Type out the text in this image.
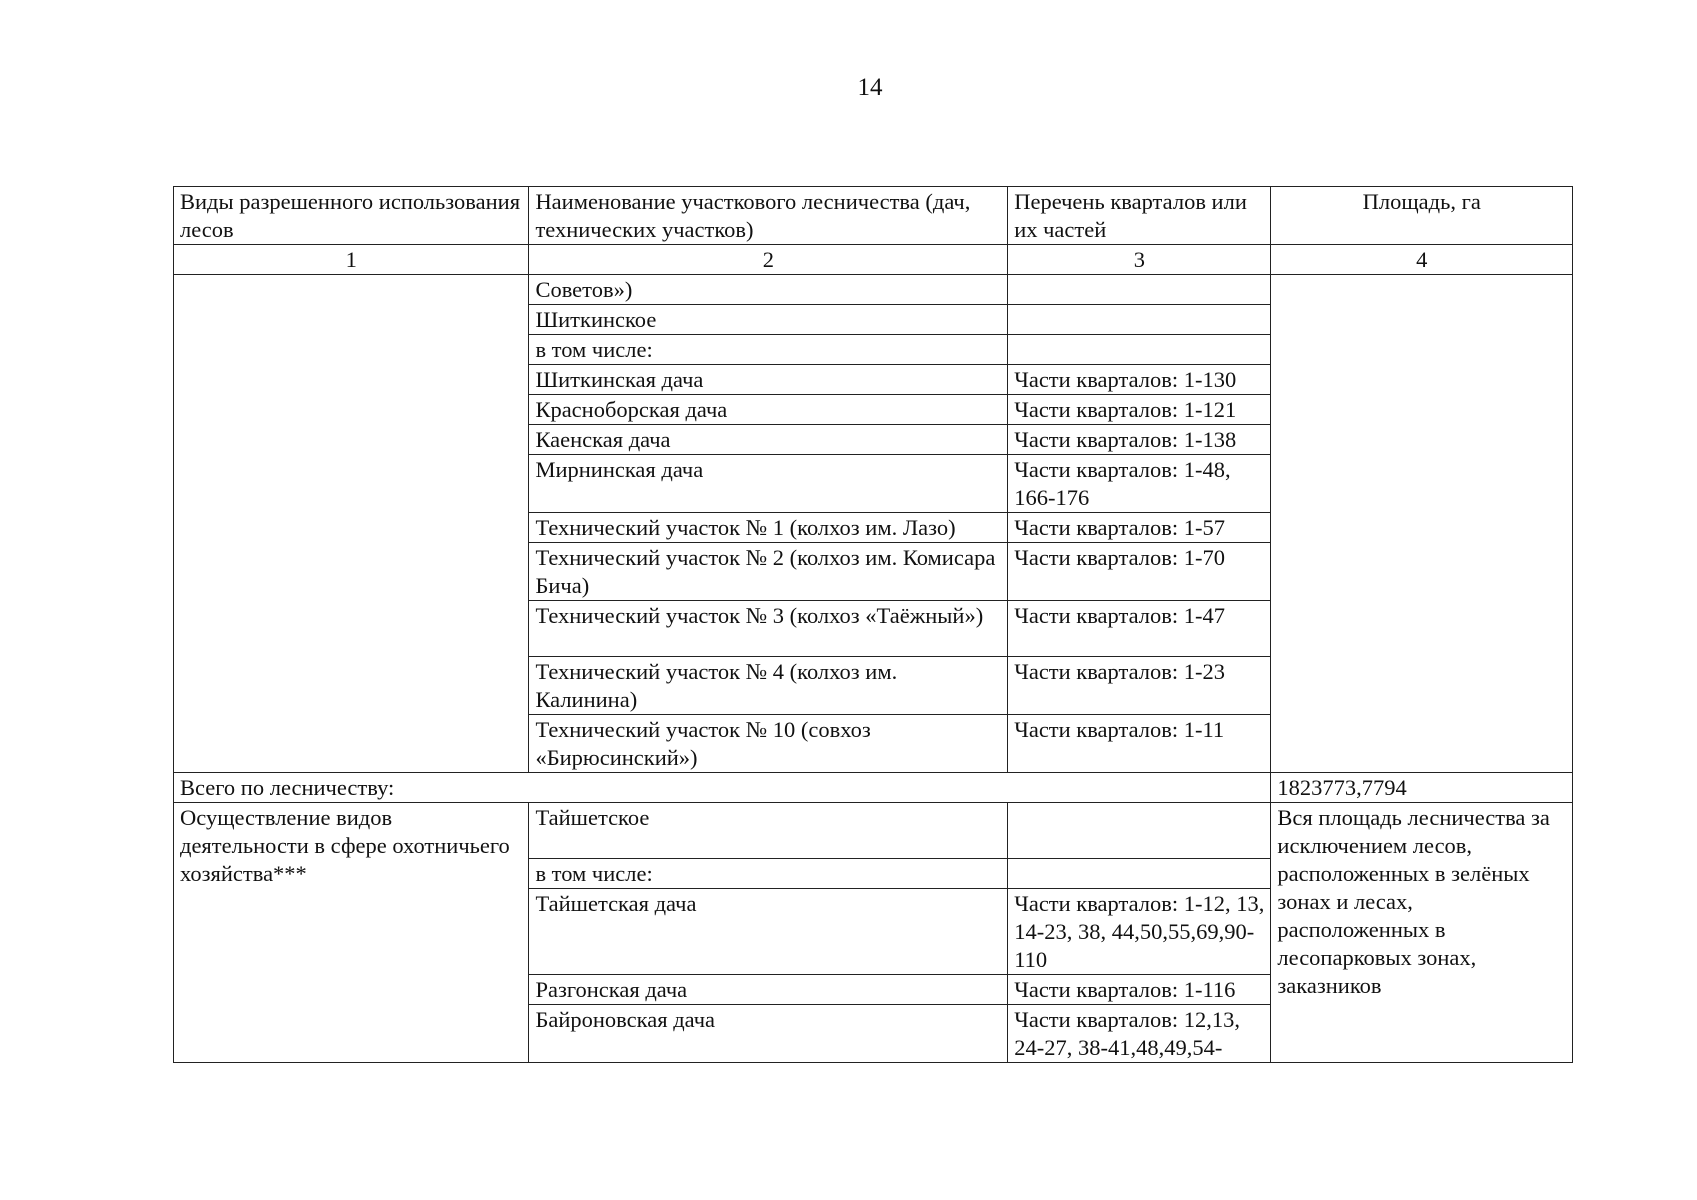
14
Виды разрешенного использования лесов	Наименование участкового лесничества (дач, технических участков)	Перечень кварталов или их частей	Площадь, га
1	2	3	4
	Советов»)		
	Шиткинское		
	в том числе:		
	Шиткинская дача	Части кварталов: 1-130	
	Красноборская дача	Части кварталов: 1-121	
	Каенская дача	Части кварталов: 1-138	
	Мирнинская дача	Части кварталов: 1-48, 166-176	
	Технический участок № 1 (колхоз им. Лазо)	Части кварталов: 1-57	
	Технический участок № 2 (колхоз им. Комисара Бича)	Части кварталов: 1-70	
	Технический участок № 3 (колхоз «Таёжный»)	Части кварталов: 1-47	
	Технический участок № 4 (колхоз им. Калинина)	Части кварталов: 1-23	
	Технический участок № 10 (совхоз «Бирюсинский»)	Части кварталов: 1-11	
Всего по лесничеству:			1823773,7794
Осуществление видов деятельности в сфере охотничьего хозяйства***	Тайшетское		Вся площадь лесничества за исключением лесов, расположенных в зелёных зонах и лесах, расположенных в лесопарковых зонах, заказников
	в том числе:		
	Тайшетская дача	Части кварталов: 1-12, 13, 14-23, 38, 44,50,55,69,90-110	
	Разгонская дача	Части кварталов: 1-116	
	Байроновская дача	Части кварталов: 12,13, 24-27, 38-41,48,49,54-	
